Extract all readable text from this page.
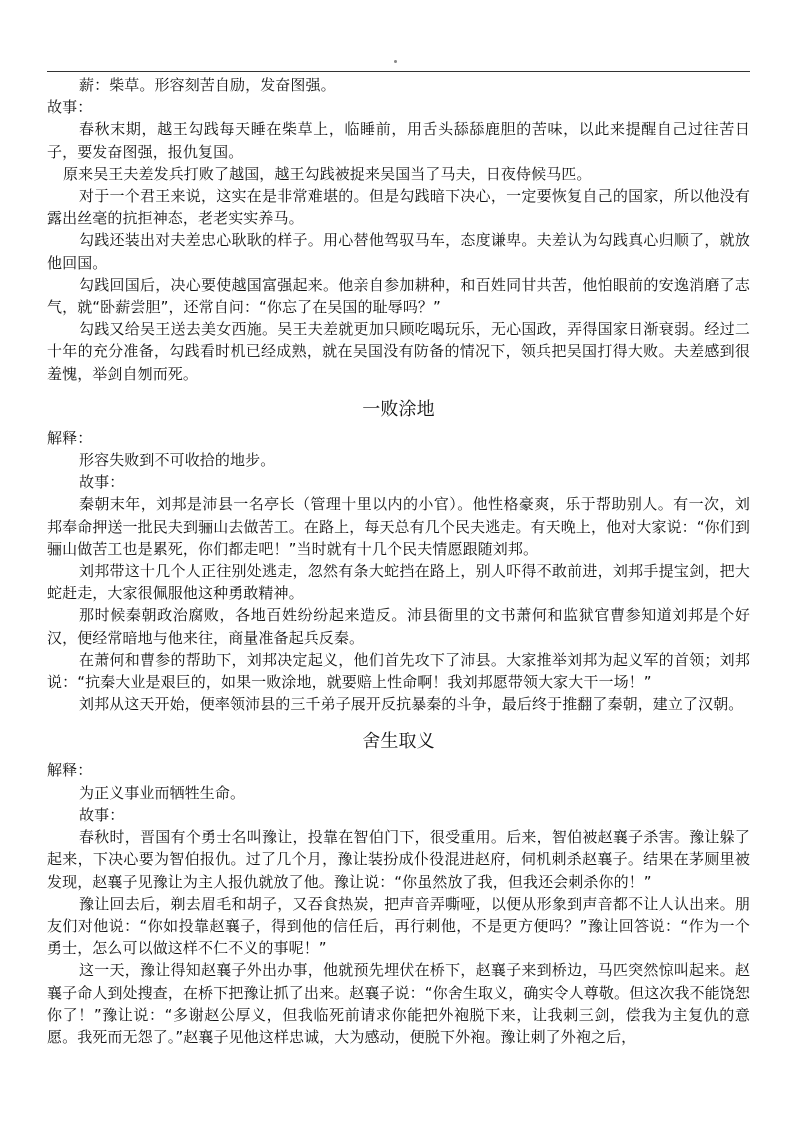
薪：柴草。形容刻苦自励，发奋图强。

故事：

春秋末期，越王勾践每天睡在柴草上，临睡前，用舌头舔舔鹿胆的苦味，以此来提醒自己过往苦日子，要发奋图强，报仇复国。

原来吴王夫差发兵打败了越国，越王勾践被捉来吴国当了马夫，日夜侍候马匹。

对于一个君王来说，这实在是非常难堪的。但是勾践暗下决心，一定要恢复自己的国家，所以他没有露出丝毫的抗拒神态，老老实实养马。

勾践还装出对夫差忠心耿耿的样子。用心替他驾驭马车，态度谦卑。夫差认为勾践真心归顺了，就放他回国。

勾践回国后，决心要使越国富强起来。他亲自参加耕种，和百姓同甘共苦，他怕眼前的安逸消磨了志气，就“卧薪尝胆”，还常自问：“你忘了在吴国的耻辱吗？”

勾践又给吴王送去美女西施。吴王夫差就更加只顾吃喝玩乐，无心国政，弄得国家日渐衰弱。经过二十年的充分准备，勾践看时机已经成熟，就在吴国没有防备的情况下，领兵把吴国打得大败。夫差感到很羞愧，举剑自刎而死。

一败涂地

解释：

形容失败到不可收拾的地步。

故事：

秦朝末年，刘邦是沛县一名亭长（管理十里以内的小官）。他性格豪爽，乐于帮助别人。有一次，刘邦奉命押送一批民夫到骊山去做苦工。在路上，每天总有几个民夫逃走。有天晚上，他对大家说：“你们到骊山做苦工也是累死，你们都走吧！”当时就有十几个民夫情愿跟随刘邦。

刘邦带这十几个人正往别处逃走，忽然有条大蛇挡在路上，别人吓得不敢前进，刘邦手提宝剑，把大蛇赶走，大家很佩服他这种勇敢精神。

那时候秦朝政治腐败，各地百姓纷纷起来造反。沛县衙里的文书萧何和监狱官曹参知道刘邦是个好汉，便经常暗地与他来往，商量准备起兵反秦。

在萧何和曹参的帮助下，刘邦决定起义，他们首先攻下了沛县。大家推举刘邦为起义军的首领；刘邦说：“抗秦大业是艰巨的，如果一败涂地，就要赔上性命啊！我刘邦愿带领大家大干一场！”

刘邦从这天开始，便率领沛县的三千弟子展开反抗暴秦的斗争，最后终于推翻了秦朝，建立了汉朝。

舍生取义

解释：

为正义事业而牺牲生命。

故事：

春秋时，晋国有个勇士名叫豫让，投靠在智伯门下，很受重用。后来，智伯被赵襄子杀害。豫让躲了起来，下决心要为智伯报仇。过了几个月，豫让装扮成仆役混进赵府，伺机刺杀赵襄子。结果在茅厕里被发现，赵襄子见豫让为主人报仇就放了他。豫让说：“你虽然放了我，但我还会刺杀你的！”

豫让回去后，剃去眉毛和胡子，又吞食热炭，把声音弄嘶哑，以便从形象到声音都不让人认出来。朋友们对他说：“你如投靠赵襄子，得到他的信任后，再行刺他，不是更方便吗？”豫让回答说：“作为一个勇士，怎么可以做这样不仁不义的事呢！”

这一天，豫让得知赵襄子外出办事，他就预先埋伏在桥下，赵襄子来到桥边，马匹突然惊叫起来。赵襄子命人到处搜查，在桥下把豫让抓了出来。赵襄子说：“你舍生取义，确实令人尊敬。但这次我不能饶恕你了！”豫让说：“多谢赵公厚义，但我临死前请求你能把外袍脱下来，让我刺三剑，偿我为主复仇的意愿。我死而无怨了。”赵襄子见他这样忠诚，大为感动，便脱下外袍。豫让刺了外袍之后，
